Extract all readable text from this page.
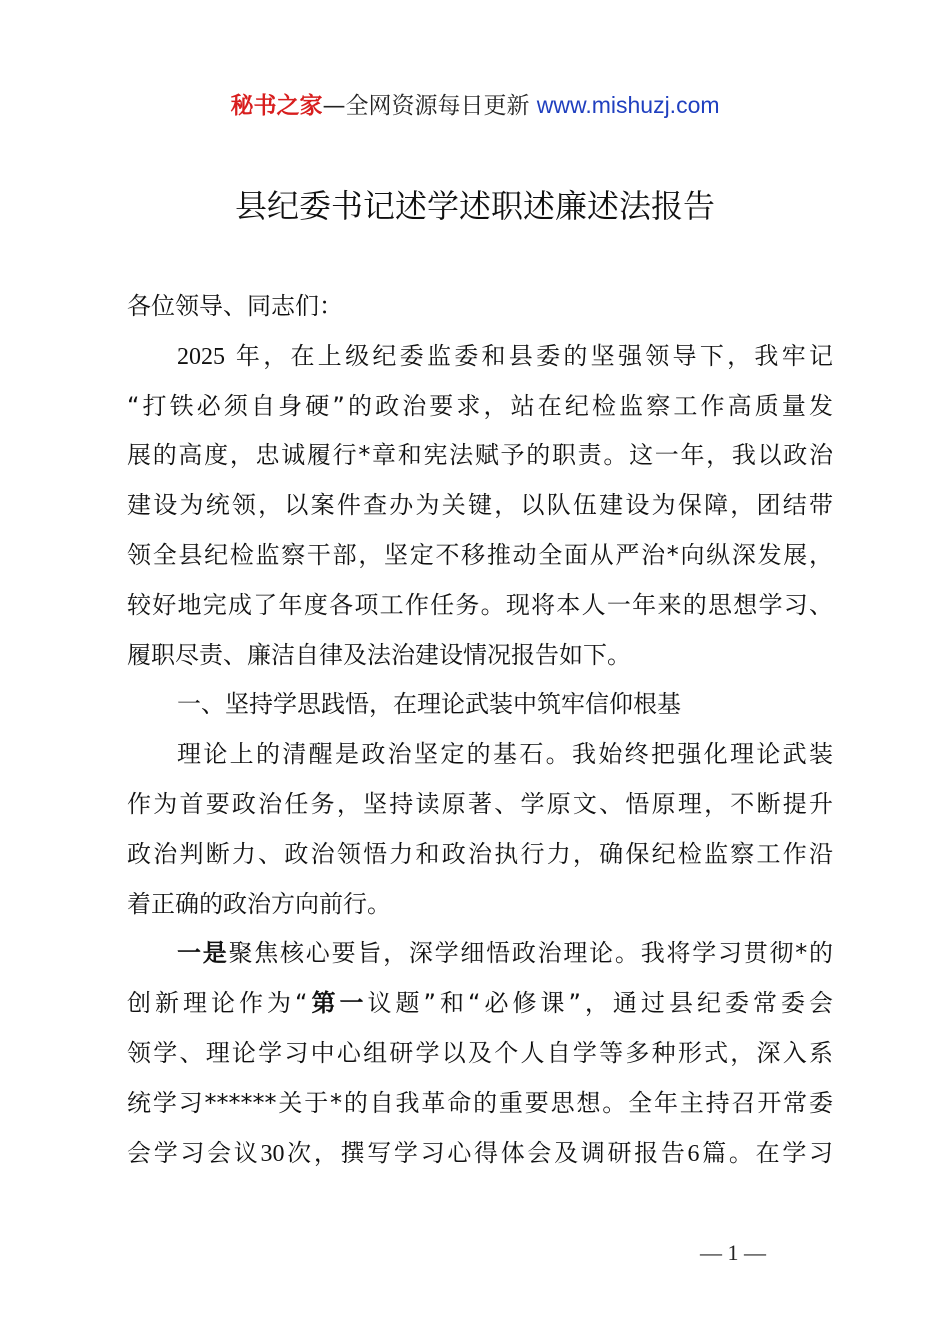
秘书之家—全网资源每日更新 www.mishuzj.com
县纪委书记述学述职述廉述法报告
各位领导、同志们：
2025 年，在上级纪委监委和县委的坚强领导下，我牢记
“打铁必须自身硬”的政治要求，站在纪检监察工作高质量发
展的高度，忠诚履行*章和宪法赋予的职责。这一年，我以政治
建设为统领，以案件查办为关键，以队伍建设为保障，团结带
领全县纪检监察干部，坚定不移推动全面从严治*向纵深发展，
较好地完成了年度各项工作任务。现将本人一年来的思想学习、
履职尽责、廉洁自律及法治建设情况报告如下。
一、坚持学思践悟，在理论武装中筑牢信仰根基
理论上的清醒是政治坚定的基石。我始终把强化理论武装
作为首要政治任务，坚持读原著、学原文、悟原理，不断提升
政治判断力、政治领悟力和政治执行力，确保纪检监察工作沿
着正确的政治方向前行。
一是聚焦核心要旨，深学细悟政治理论。我将学习贯彻*的
创新理论作为“第一议题”和“必修课”，通过县纪委常委会
领学、理论学习中心组研学以及个人自学等多种形式，深入系
统学习******关于*的自我革命的重要思想。全年主持召开常委
会学习会议30次，撰写学习心得体会及调研报告6篇。在学习
— 1 —
